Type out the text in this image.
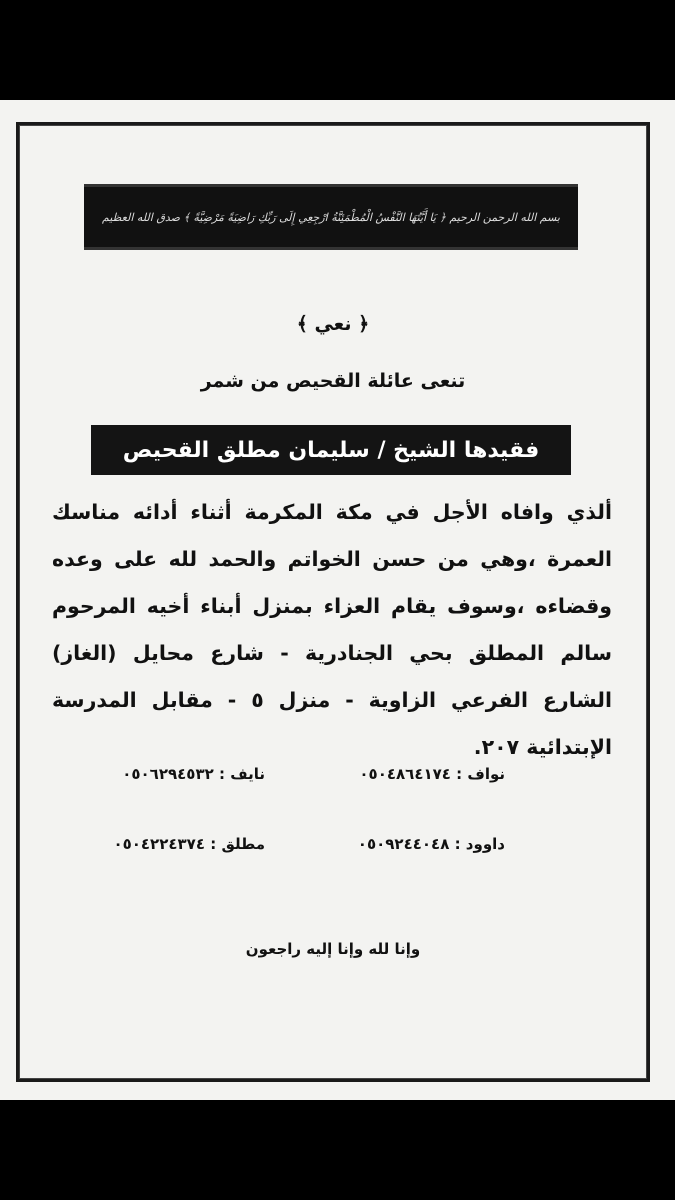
بسم الله الرحمن الرحيم ﴿ يَا أَيَّتُهَا النَّفْسُ الْمُطْمَئِنَّةُ ارْجِعِي إِلَى رَبِّكِ رَاضِيَةً مَرْضِيَّةً ﴾ صدق الله العظيم
﴿ نعي ﴾
تنعى عائلة القحيص من شمر
فقيدها الشيخ / سليمان مطلق القحيص
ألذي وافاه الأجل في مكة المكرمة أثناء أدائه مناسك العمرة ،وهي من حسن الخواتم والحمد لله على وعده وقضاءه ،وسوف يقام العزاء بمنزل أبناء أخيه المرحوم سالم المطلق بحي الجنادرية - شارع محايل (الغاز) الشارع الفرعي الزاوية - منزل ٥ - مقابل المدرسة الإبتدائية ٢٠٧.
نواف : ٠٥٠٤٨٦٤١٧٤
نايف : ٠٥٠٦٢٩٤٥٣٢
داوود : ٠٥٠٩٢٤٤٠٤٨
مطلق : ٠٥٠٤٢٢٤٣٧٤
وإنا لله وإنا إليه راجعون
